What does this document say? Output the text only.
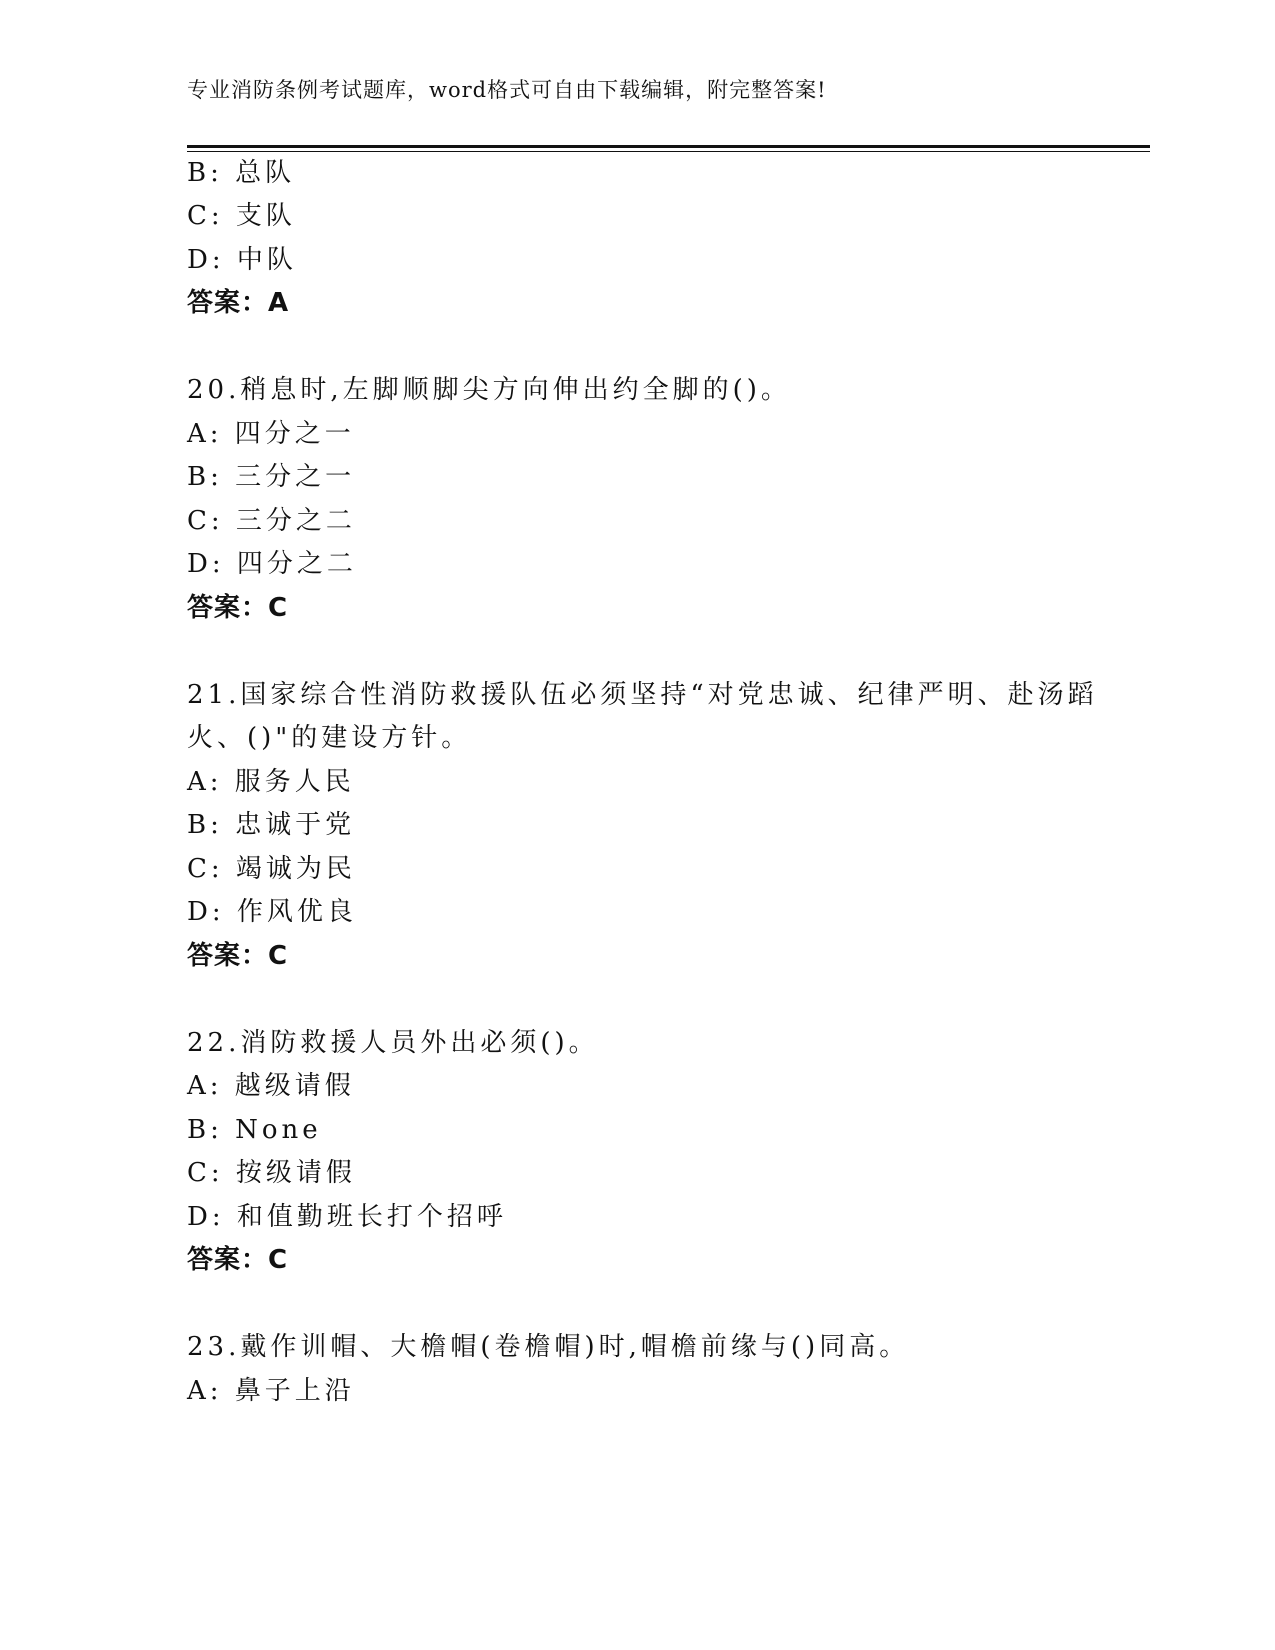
专业消防条例考试题库，word格式可自由下载编辑，附完整答案!
B: 总队
C: 支队
D: 中队
答案：A
20.稍息时,左脚顺脚尖方向伸出约全脚的()。
A: 四分之一
B: 三分之一
C: 三分之二
D: 四分之二
答案：C
21.国家综合性消防救援队伍必须坚持“对党忠诚、纪律严明、赴汤蹈
火、()"的建设方针。
A: 服务人民
B: 忠诚于党
C: 竭诚为民
D: 作风优良
答案：C
22.消防救援人员外出必须()。
A: 越级请假
B: None
C: 按级请假
D: 和值勤班长打个招呼
答案：C
23.戴作训帽、大檐帽(卷檐帽)时,帽檐前缘与()同高。
A: 鼻子上沿
